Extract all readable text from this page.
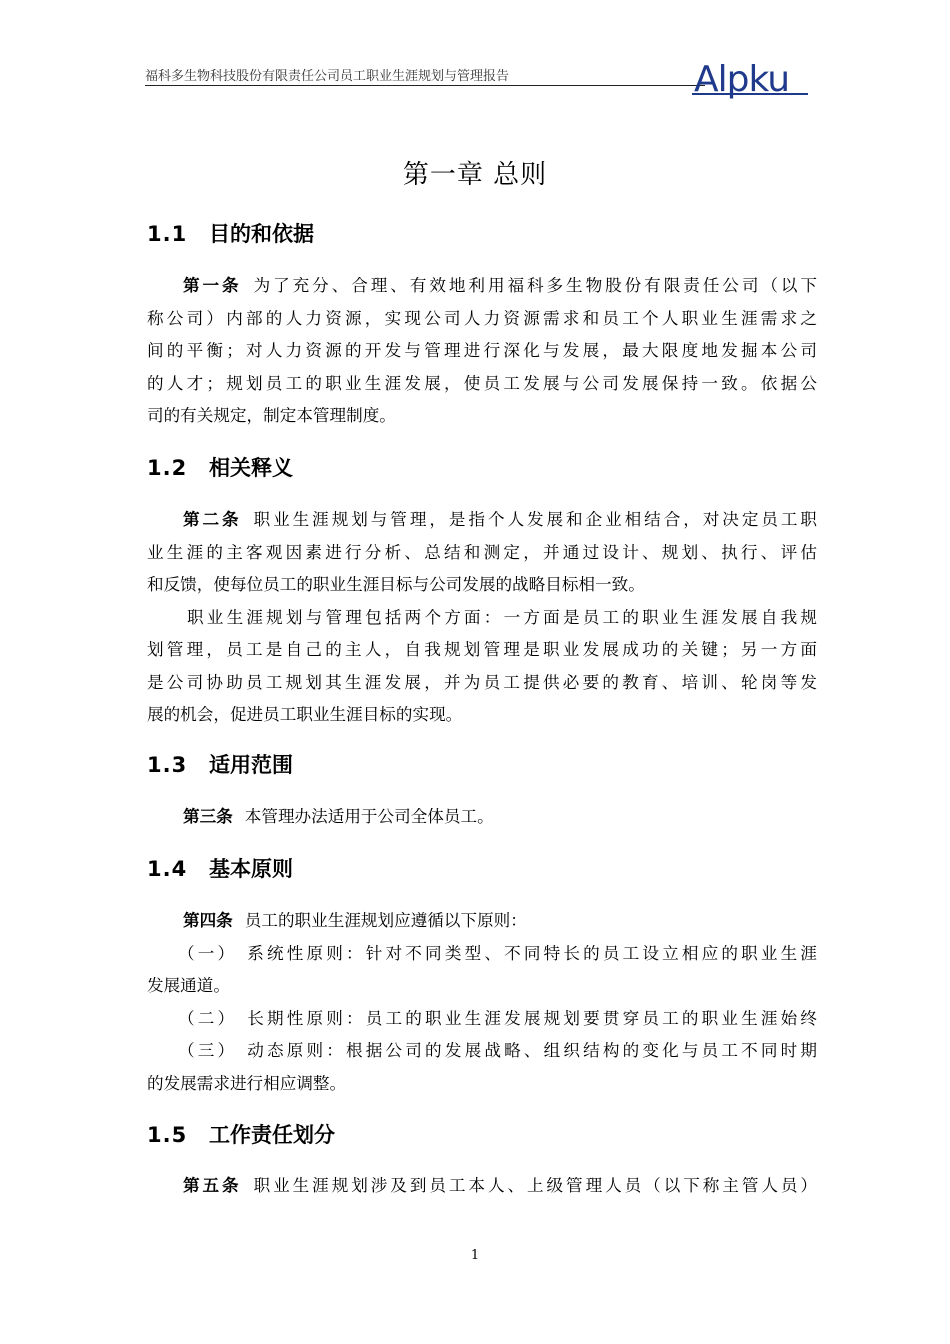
福科多生物科技股份有限责任公司员工职业生涯规划与管理报告	Alpku
第一章 总则
1.1 目的和依据
第一条 为了充分、合理、有效地利用福科多生物股份有限责任公司（以下
称公司）内部的人力资源，实现公司人力资源需求和员工个人职业生涯需求之
间的平衡；对人力资源的开发与管理进行深化与发展，最大限度地发掘本公司
的人才；规划员工的职业生涯发展，使员工发展与公司发展保持一致。依据公
司的有关规定，制定本管理制度。
1.2 相关释义
第二条 职业生涯规划与管理，是指个人发展和企业相结合，对决定员工职
业生涯的主客观因素进行分析、总结和测定，并通过设计、规划、执行、评估
和反馈，使每位员工的职业生涯目标与公司发展的战略目标相一致。
职业生涯规划与管理包括两个方面：一方面是员工的职业生涯发展自我规
划管理，员工是自己的主人，自我规划管理是职业发展成功的关键；另一方面
是公司协助员工规划其生涯发展，并为员工提供必要的教育、培训、轮岗等发
展的机会，促进员工职业生涯目标的实现。
1.3 适用范围
第三条 本管理办法适用于公司全体员工。
1.4 基本原则
第四条 员工的职业生涯规划应遵循以下原则：
（一） 系统性原则：针对不同类型、不同特长的员工设立相应的职业生涯
发展通道。
（二） 长期性原则：员工的职业生涯发展规划要贯穿员工的职业生涯始终
（三） 动态原则：根据公司的发展战略、组织结构的变化与员工不同时期
的发展需求进行相应调整。
1.5 工作责任划分
第五条 职业生涯规划涉及到员工本人、上级管理人员（以下称主管人员）
1
